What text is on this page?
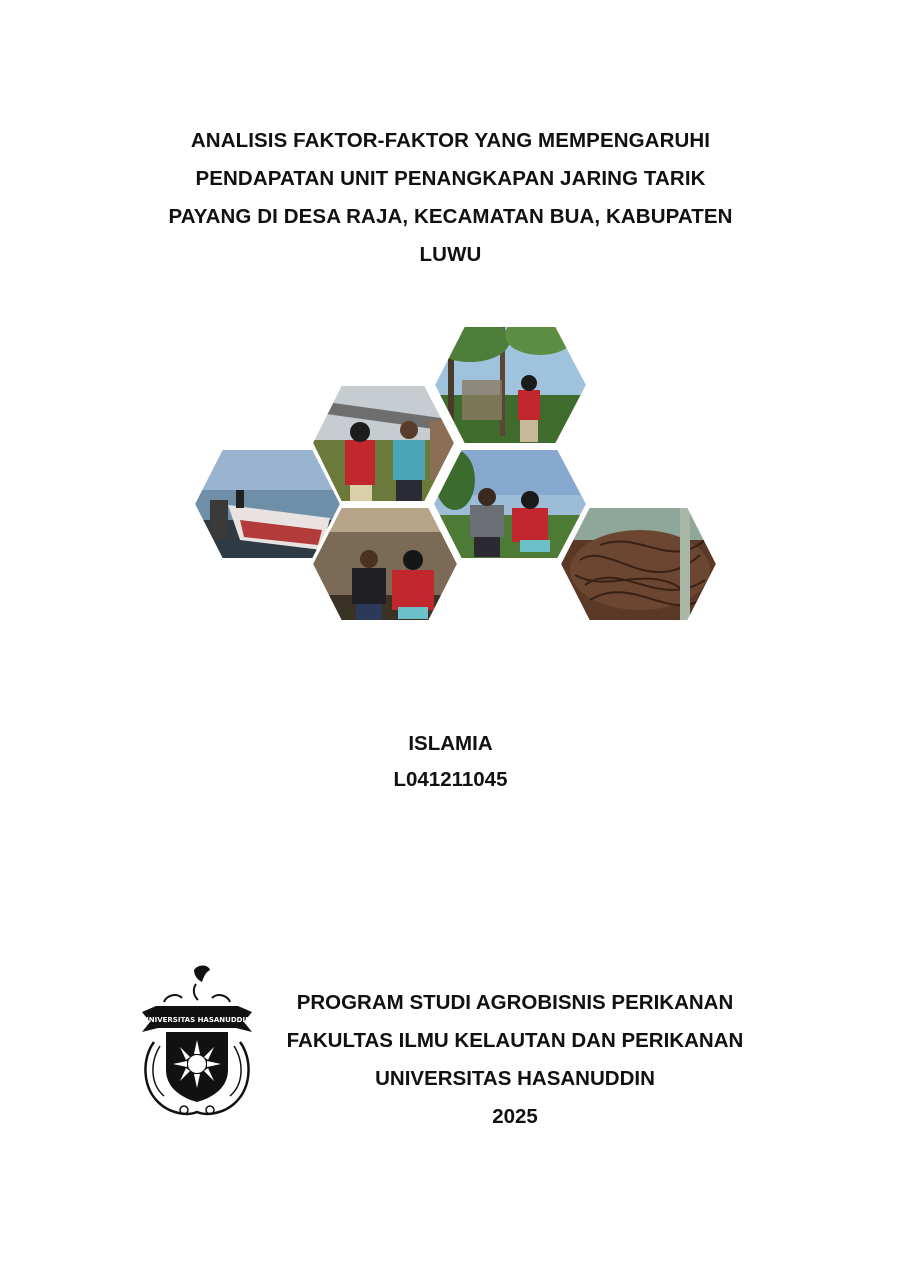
ANALISIS FAKTOR-FAKTOR YANG MEMPENGARUHI
PENDAPATAN UNIT PENANGKAPAN JARING TARIK
PAYANG DI DESA RAJA, KECAMATAN BUA, KABUPATEN
LUWU
ISLAMIA
L041211045
UNIVERSITAS HASANUDDIN
PROGRAM STUDI AGROBISNIS PERIKANAN
FAKULTAS ILMU KELAUTAN DAN PERIKANAN
UNIVERSITAS HASANUDDIN
2025
